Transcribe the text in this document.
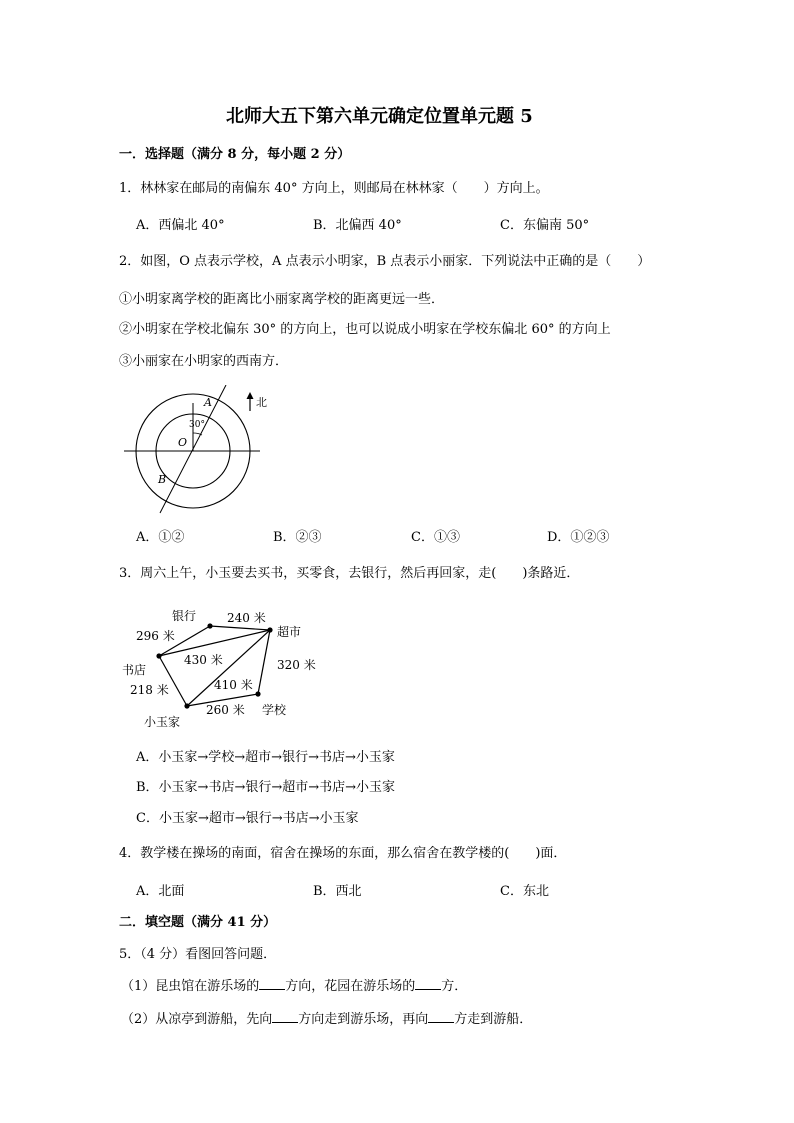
北师大五下第六单元确定位置单元题 5
一．选择题（满分 8 分，每小题 2 分）
1．林林家在邮局的南偏东 40° 方向上，则邮局在林林家（　　）方向上。
A．西偏北 40°	B．北偏西 40°	C．东偏南 50°
2．如图，O 点表示学校，A 点表示小明家，B 点表示小丽家．下列说法中正确的是（　　）
①小明家离学校的距离比小丽家离学校的距离更远一些．
②小明家在学校北偏东 30° 的方向上，也可以说成小明家在学校东偏北 60° 的方向上
③小丽家在小明家的西南方．
30°
A
O
B
北
A．①②	B．②③	C．①③	D．①②③
3．周六上午，小玉要去买书，买零食，去银行，然后再回家，走(　　)条路近．
银行
超市
书店
小玉家
学校
240 米
296 米
430 米	320 米
410 米
218 米
260 米
A．小玉家→学校→超市→银行→书店→小玉家
B．小玉家→书店→银行→超市→书店→小玉家
C．小玉家→超市→银行→书店→小玉家
4．教学楼在操场的南面，宿舍在操场的东面，那么宿舍在教学楼的(　　)面．
A．北面	B．西北	C．东北
二．填空题（满分 41 分）
5．（4 分）看图回答问题．
（1）昆虫馆在游乐场的 方向，花园在游乐场的 方．
（2）从凉亭到游船，先向 方向走到游乐场，再向 方走到游船．
